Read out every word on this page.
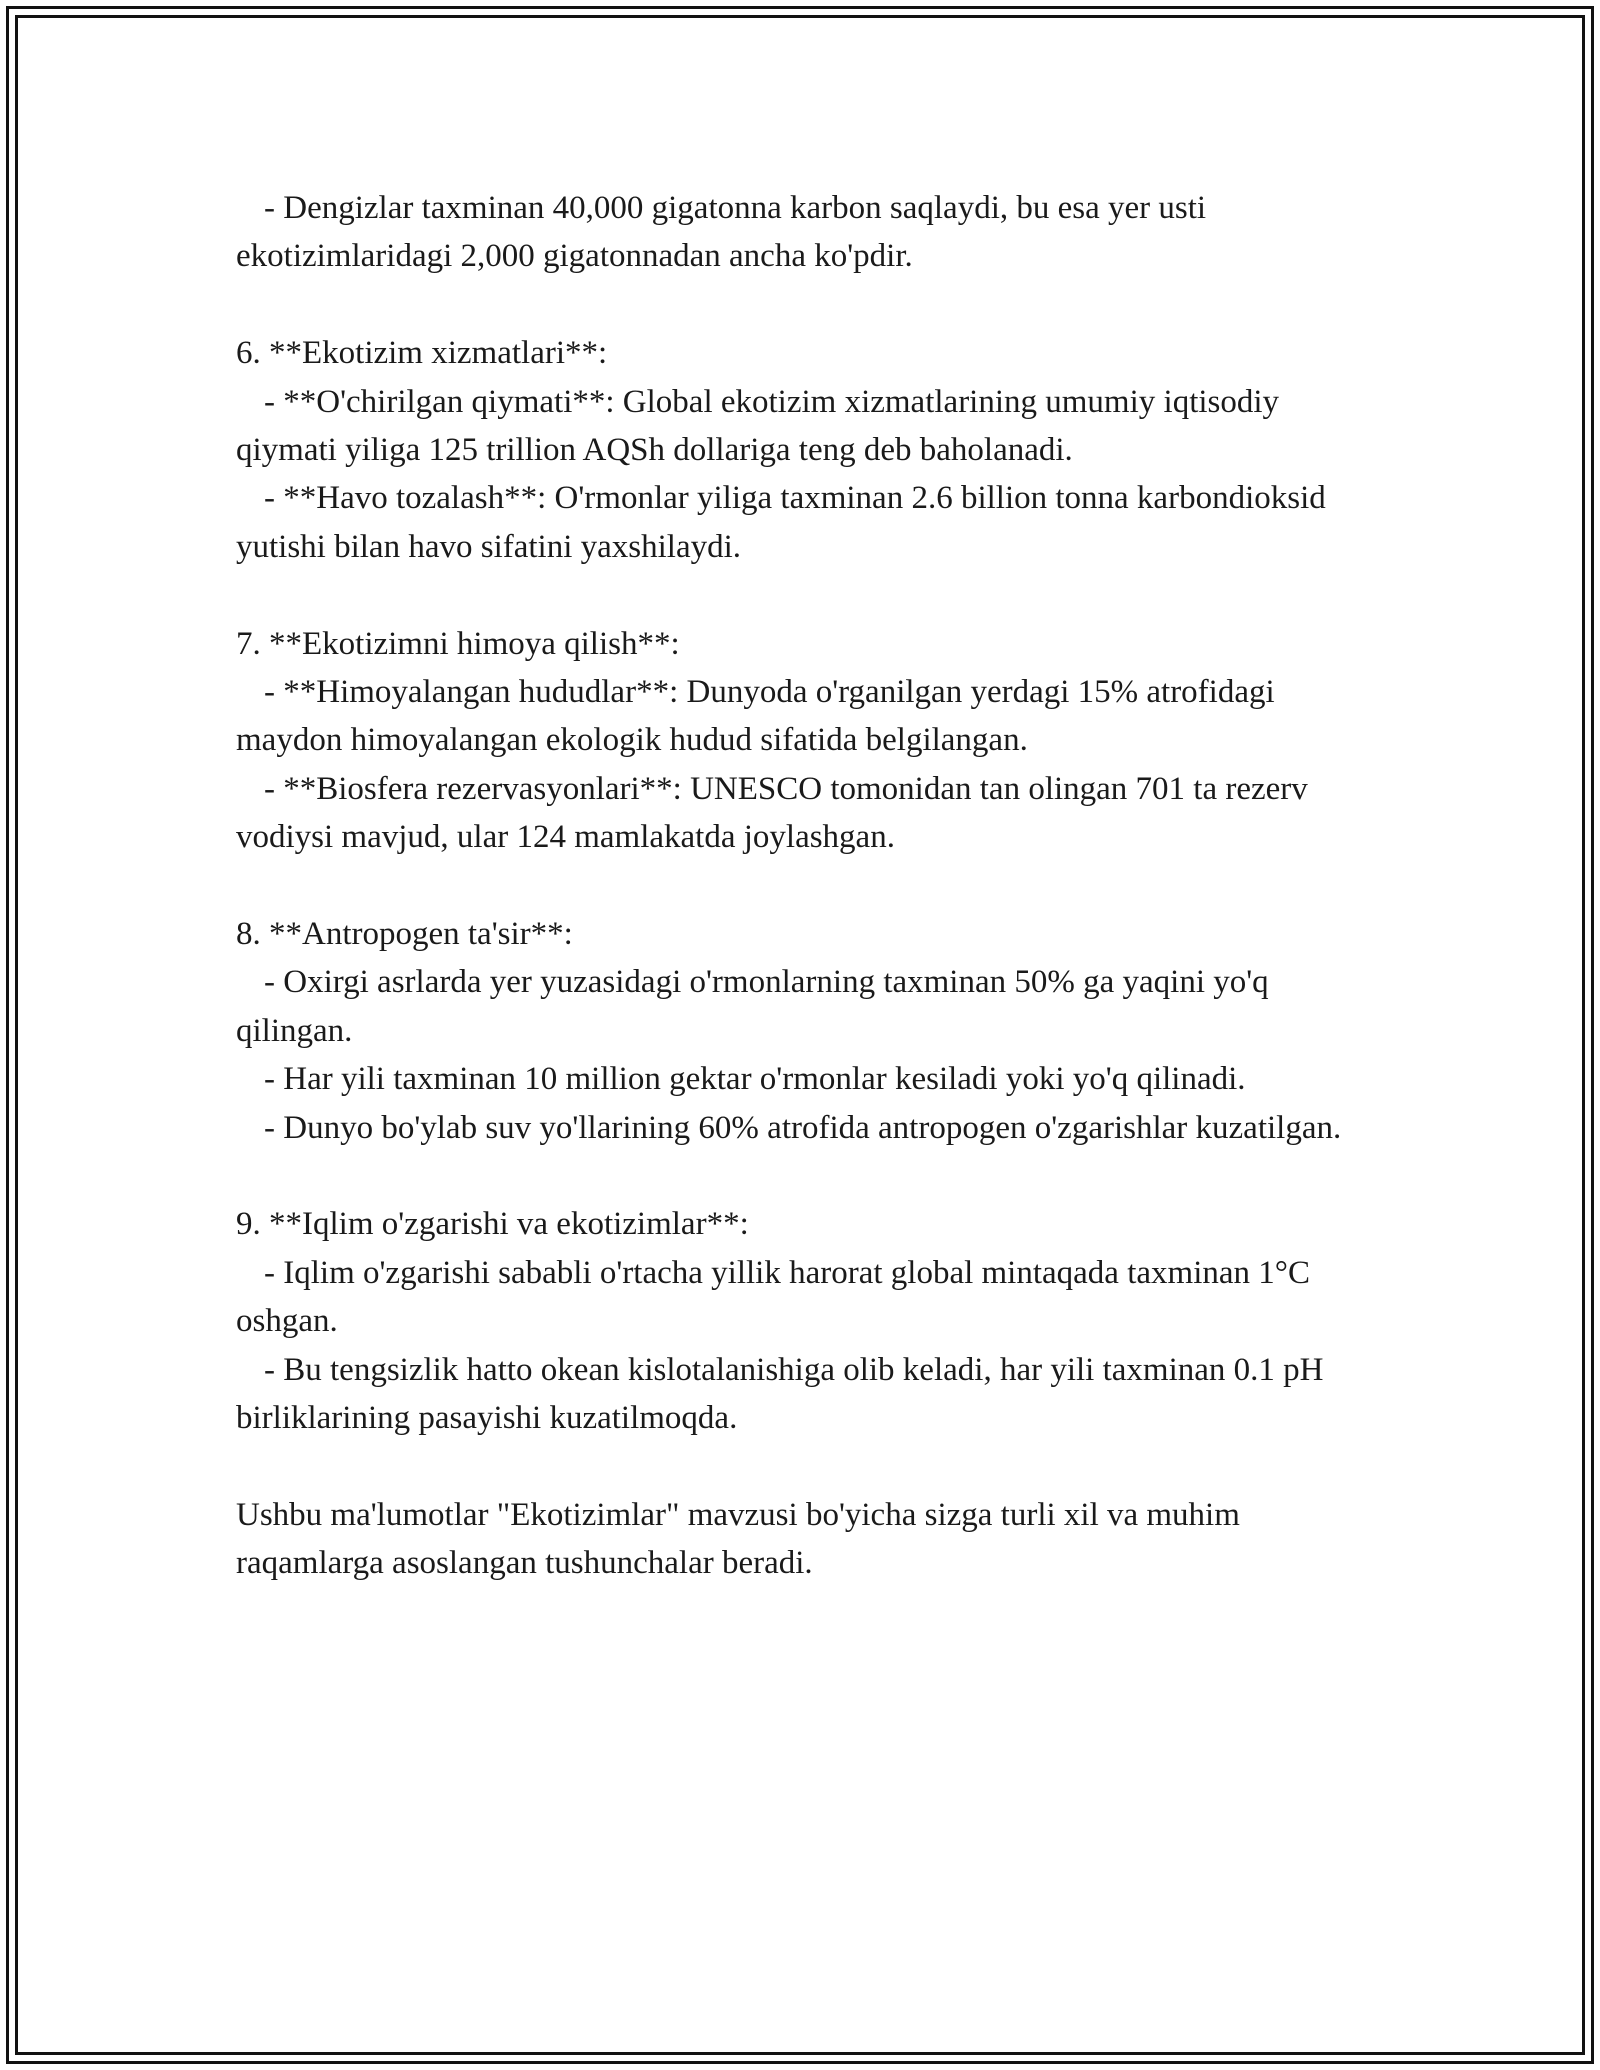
- Dengizlar taxminan 40,000 gigatonna karbon saqlaydi, bu esa yer usti ekotizimlaridagi 2,000 gigatonnadan ancha ko'pdir.

6. **Ekotizim xizmatlari**:

- **O'chirilgan qiymati**: Global ekotizim xizmatlarining umumiy iqtisodiy qiymati yiliga 125 trillion AQSh dollariga teng deb baholanadi.

- **Havo tozalash**: O'rmonlar yiliga taxminan 2.6 billion tonna karbondioksid yutishi bilan havo sifatini yaxshilaydi.

7. **Ekotizimni himoya qilish**:

- **Himoyalangan hududlar**: Dunyoda o'rganilgan yerdagi 15% atrofidagi maydon himoyalangan ekologik hudud sifatida belgilangan.

- **Biosfera rezervasyonlari**: UNESCO tomonidan tan olingan 701 ta rezerv vodiysi mavjud, ular 124 mamlakatda joylashgan.

8. **Antropogen ta'sir**:

- Oxirgi asrlarda yer yuzasidagi o'rmonlarning taxminan 50% ga yaqini yo'q qilingan.

- Har yili taxminan 10 million gektar o'rmonlar kesiladi yoki yo'q qilinadi.

- Dunyo bo'ylab suv yo'llarining 60% atrofida antropogen o'zgarishlar kuzatilgan.

9. **Iqlim o'zgarishi va ekotizimlar**:

- Iqlim o'zgarishi sababli o'rtacha yillik harorat global mintaqada taxminan 1°C oshgan.

- Bu tengsizlik hatto okean kislotalanishiga olib keladi, har yili taxminan 0.1 pH birliklarining pasayishi kuzatilmoqda.

Ushbu ma'lumotlar "Ekotizimlar" mavzusi bo'yicha sizga turli xil va muhim raqamlarga asoslangan tushunchalar beradi.
